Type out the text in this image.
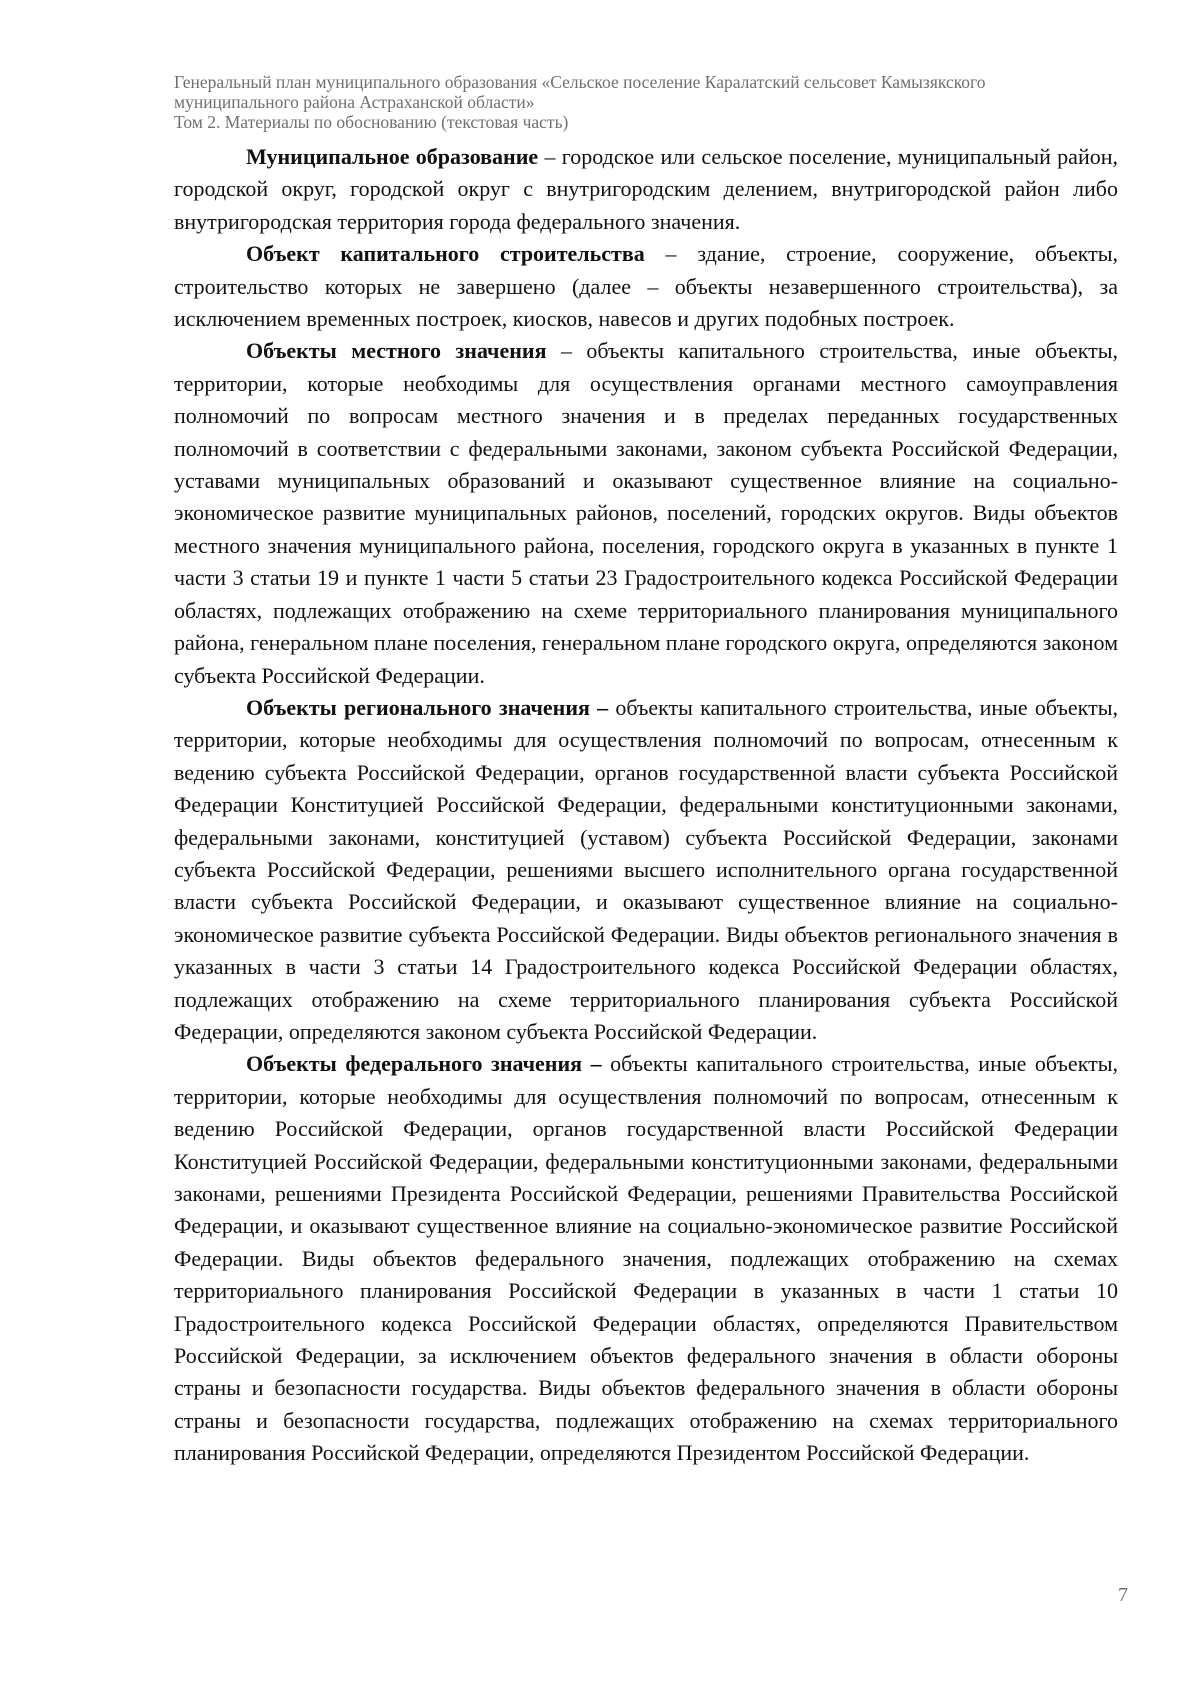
Генеральный план муниципального образования «Сельское поселение Каралатский сельсовет Камызякского
муниципального района Астраханской области»
Том 2. Материалы по обоснованию (текстовая часть)

Муниципальное образование – городское или сельское поселение, муниципальный район, городской округ, городской округ с внутригородским делением, внутригородской район либо внутригородская территория города федерального значения.

Объект капитального строительства – здание, строение, сооружение, объекты, строительство которых не завершено (далее – объекты незавершенного строительства), за исключением временных построек, киосков, навесов и других подобных построек.

Объекты местного значения – объекты капитального строительства, иные объекты, территории, которые необходимы для осуществления органами местного самоуправления полномочий по вопросам местного значения и в пределах переданных государственных полномочий в соответствии с федеральными законами, законом субъекта Российской Федерации, уставами муниципальных образований и оказывают существенное влияние на социально-экономическое развитие муниципальных районов, поселений, городских округов. Виды объектов местного значения муниципального района, поселения, городского округа в указанных в пункте 1 части 3 статьи 19 и пункте 1 части 5 статьи 23 Градостроительного кодекса Российской Федерации областях, подлежащих отображению на схеме территориального планирования муниципального района, генеральном плане поселения, генеральном плане городского округа, определяются законом субъекта Российской Федерации.

Объекты регионального значения – объекты капитального строительства, иные объекты, территории, которые необходимы для осуществления полномочий по вопросам, отнесенным к ведению субъекта Российской Федерации, органов государственной власти субъекта Российской Федерации Конституцией Российской Федерации, федеральными конституционными законами, федеральными законами, конституцией (уставом) субъекта Российской Федерации, законами субъекта Российской Федерации, решениями высшего исполнительного органа государственной власти субъекта Российской Федерации, и оказывают существенное влияние на социально-экономическое развитие субъекта Российской Федерации. Виды объектов регионального значения в указанных в части 3 статьи 14 Градостроительного кодекса Российской Федерации областях, подлежащих отображению на схеме территориального планирования субъекта Российской Федерации, определяются законом субъекта Российской Федерации.

Объекты федерального значения – объекты капитального строительства, иные объекты, территории, которые необходимы для осуществления полномочий по вопросам, отнесенным к ведению Российской Федерации, органов государственной власти Российской Федерации Конституцией Российской Федерации, федеральными конституционными законами, федеральными законами, решениями Президента Российской Федерации, решениями Правительства Российской Федерации, и оказывают существенное влияние на социально-экономическое развитие Российской Федерации. Виды объектов федерального значения, подлежащих отображению на схемах территориального планирования Российской Федерации в указанных в части 1 статьи 10 Градостроительного кодекса Российской Федерации областях, определяются Правительством Российской Федерации, за исключением объектов федерального значения в области обороны страны и безопасности государства. Виды объектов федерального значения в области обороны страны и безопасности государства, подлежащих отображению на схемах территориального планирования Российской Федерации, определяются Президентом Российской Федерации.

7
